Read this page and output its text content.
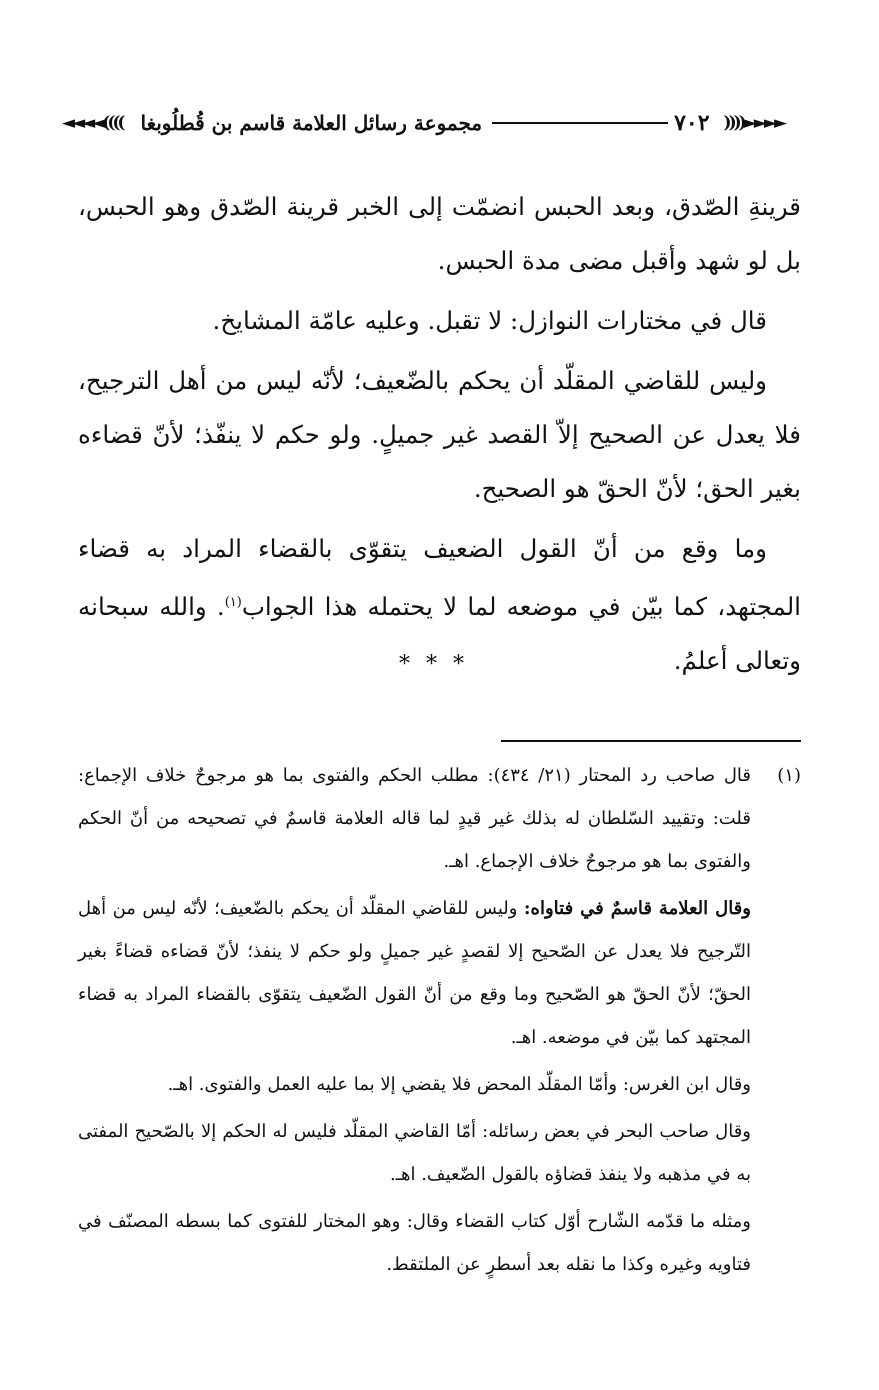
◄◄◄◄(((( مجموعة رسائل العلامة قاسم بن قُطلُوبغا	٧٠٢ ))))►►►►

قرينةِ الصّدق، وبعد الحبس انضمّت إلى الخبر قرينة الصّدق وهو الحبس، بل لو شهد وأقبل مضى مدة الحبس.

قال في مختارات النوازل: لا تقبل. وعليه عامّة المشايخ.

وليس للقاضي المقلّد أن يحكم بالضّعيف؛ لأنّه ليس من أهل الترجيح، فلا يعدل عن الصحيح إلاّ القصد غير جميلٍ. ولو حكم لا ينفّذ؛ لأنّ قضاءه بغير الحق؛ لأنّ الحقّ هو الصحيح.

وما وقع من أنّ القول الضعيف يتقوّى بالقضاء المراد به قضاء المجتهد، كما بيّن في موضعه لما لا يحتمله هذا الجواب$^{(١)}$. والله سبحانه وتعالى أعلمُ.

***
(١)

قال صاحب رد المحتار (٢١/ ٤٣٤): مطلب الحكم والفتوى بما هو مرجوحٌ خلاف الإجماع: قلت: وتقييد السّلطان له بذلك غير قيدٍ لما قاله العلامة قاسمٌ في تصحيحه من أنّ الحكم والفتوى بما هو مرجوحٌ خلاف الإجماع. اهـ.

وقال العلامة قاسمٌ في فتاواه: وليس للقاضي المقلّد أن يحكم بالضّعيف؛ لأنّه ليس من أهل التّرجيح فلا يعدل عن الصّحيح إلا لقصدٍ غير جميلٍ ولو حكم لا ينفذ؛ لأنّ قضاءه قضاءً بغير الحقّ؛ لأنّ الحقّ هو الصّحيح وما وقع من أنّ القول الضّعيف يتقوّى بالقضاء المراد به قضاء المجتهد كما بيّن في موضعه. اهـ.

وقال ابن الغرس: وأمّا المقلّد المحض فلا يقضي إلا بما عليه العمل والفتوى. اهـ.

وقال صاحب البحر في بعض رسائله: أمّا القاضي المقلّد فليس له الحكم إلا بالصّحيح المفتى به في مذهبه ولا ينفذ قضاؤه بالقول الضّعيف. اهـ.

ومثله ما قدّمه الشّارح أوّل كتاب القضاء وقال: وهو المختار للفتوى كما بسطه المصنّف في فتاويه وغيره وكذا ما نقله بعد أسطرٍ عن الملتقط.
